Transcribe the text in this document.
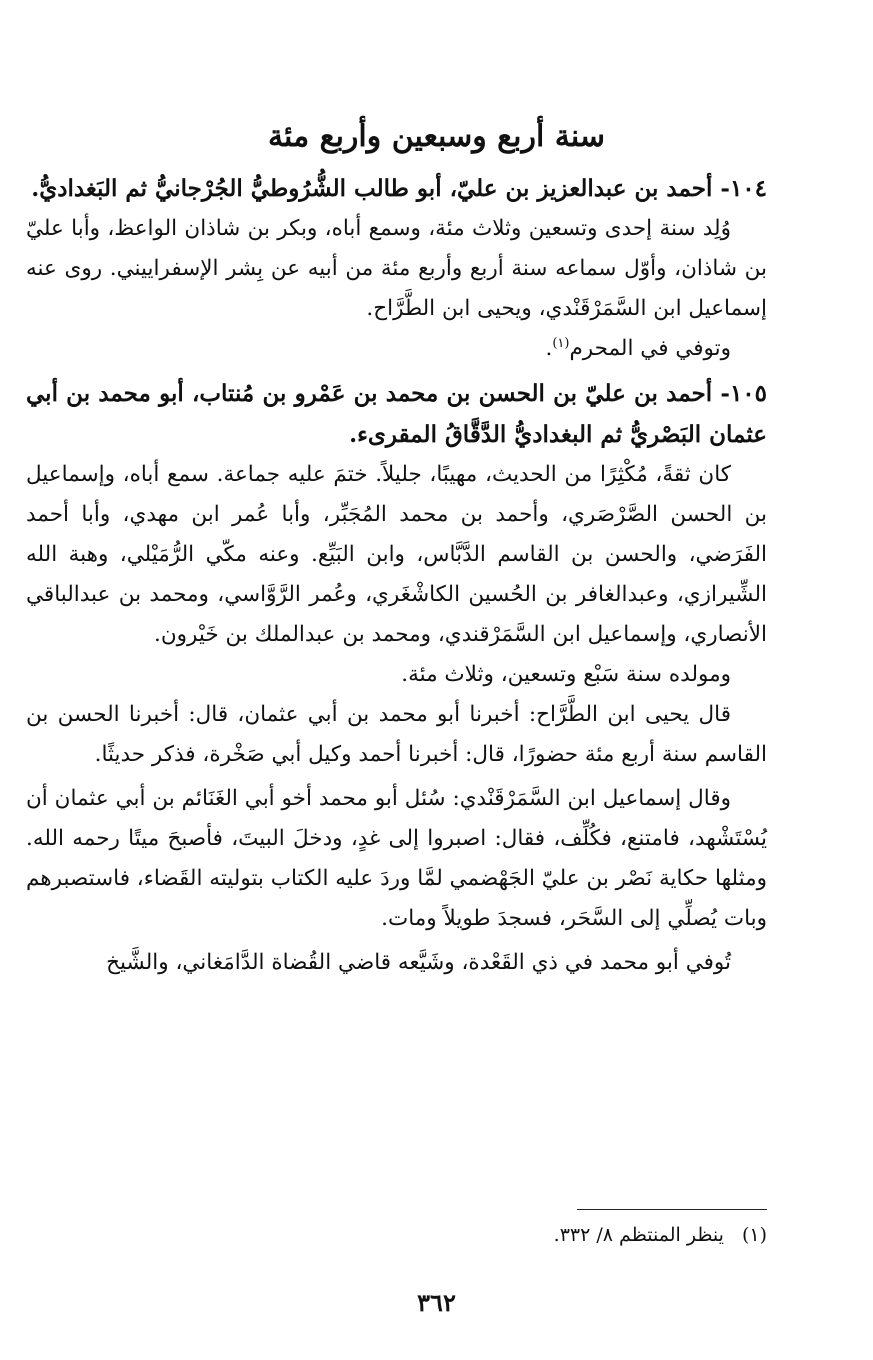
سنة أربع وسبعين وأربع مئة

١٠٤- أحمد بن عبدالعزيز بن عليّ، أبو طالب الشُّرُوطيُّ الجُرْجانيُّ ثم البَغداديُّ.

وُلِد سنة إحدى وتسعين وثلاث مئة، وسمع أباه، وبكر بن شاذان الواعظ، وأبا عليّ بن شاذان، وأوّل سماعه سنة أربع وأربع مئة من أبيه عن بِشر الإسفراييني. روى عنه إسماعيل ابن السَّمَرْقَنْدي، ويحيى ابن الطَّرَّاح.

وتوفي في المحرم$^{(١)}$.

١٠٥- أحمد بن عليّ بن الحسن بن محمد بن عَمْرو بن مُنتاب، أبو محمد بن أبي عثمان البَصْريُّ ثم البغداديُّ الدَّقَّاقُ المقرىء.

كان ثقةً، مُكْثِرًا من الحديث، مهيبًا، جليلاً. ختمَ عليه جماعة. سمع أباه، وإسماعيل بن الحسن الصَّرْصَري، وأحمد بن محمد المُجَبِّر، وأبا عُمر ابن مهدي، وأبا أحمد الفَرَضي، والحسن بن القاسم الدَّبَّاس، وابن البَيِّع. وعنه مكّي الرُّمَيْلي، وهبة الله الشِّيرازي، وعبدالغافر بن الحُسين الكاشْغَري، وعُمر الرَّوَّاسي، ومحمد بن عبدالباقي الأنصاري، وإسماعيل ابن السَّمَرْقندي، ومحمد بن عبدالملك بن خَيْرون.

ومولده سنة سَبْع وتسعين، وثلاث مئة.

قال يحيى ابن الطَّرَّاح: أخبرنا أبو محمد بن أبي عثمان، قال: أخبرنا الحسن بن القاسم سنة أربع مئة حضورًا، قال: أخبرنا أحمد وكيل أبي صَخْرة، فذكر حديثًا.

وقال إسماعيل ابن السَّمَرْقَنْدي: سُئل أبو محمد أخو أبي الغَنَائم بن أبي عثمان أن يُسْتَشْهد، فامتنع، فكُلِّف، فقال: اصبروا إلى غدٍ، ودخلَ البيتَ، فأصبحَ ميتًا رحمه الله. ومثلها حكاية نَصْر بن عليّ الجَهْضمي لمَّا وردَ عليه الكتاب بتوليته القَضاء، فاستصبرهم وبات يُصلِّي إلى السَّحَر، فسجدَ طويلاً ومات.

تُوفي أبو محمد في ذي القَعْدة، وشَيَّعه قاضي القُضاة الدَّامَغاني، والشَّيخ

(١)ينظر المنتظم ٨/ ٣٣٢.
٣٦٢
